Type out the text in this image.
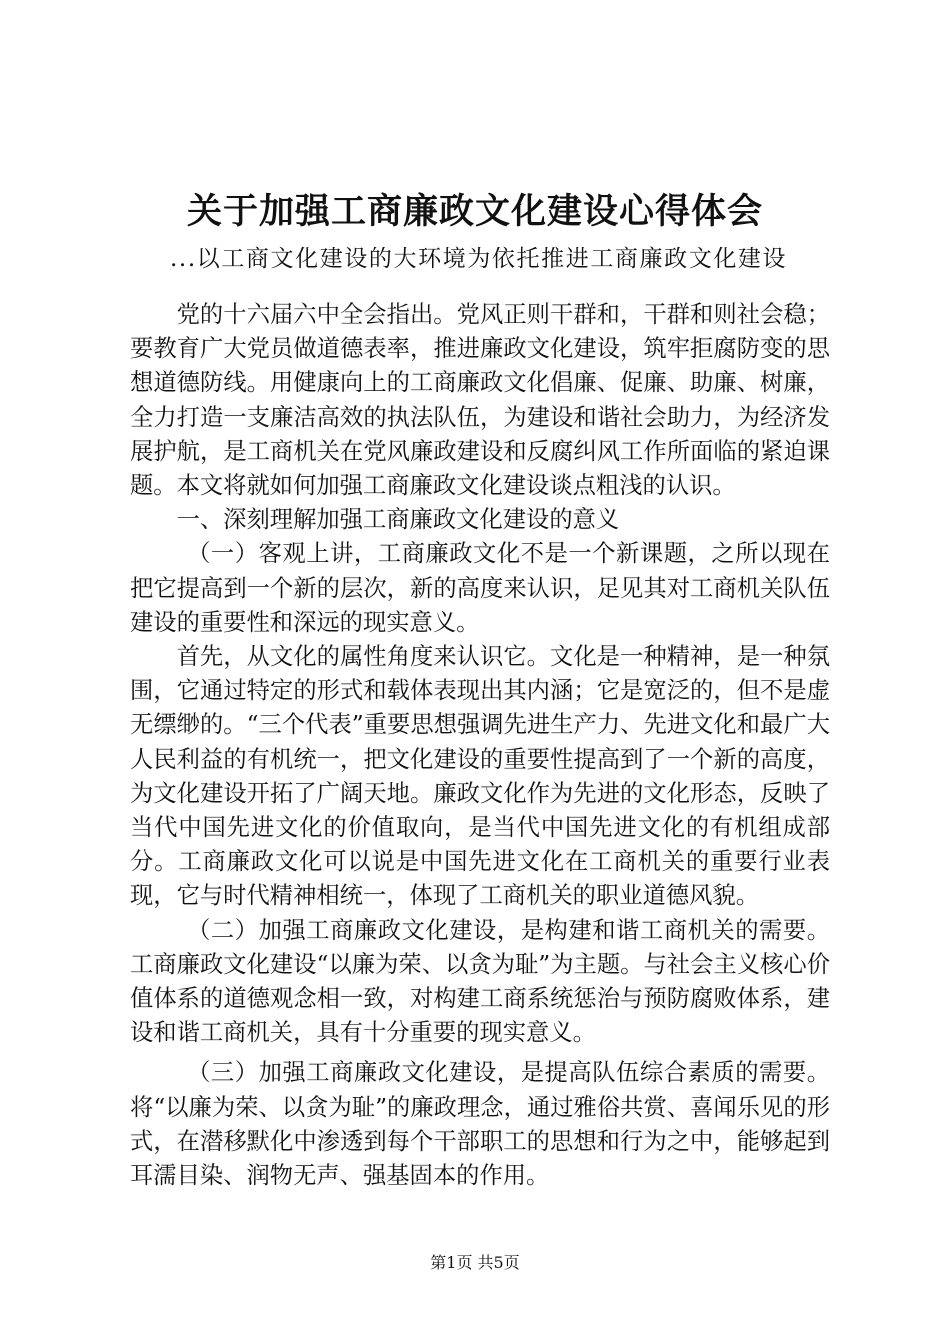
关于加强工商廉政文化建设心得体会
...以工商文化建设的大环境为依托推进工商廉政文化建设

党的十六届六中全会指出。党风正则干群和，干群和则社会稳；要教育广大党员做道德表率，推进廉政文化建设，筑牢拒腐防变的思想道德防线。用健康向上的工商廉政文化倡廉、促廉、助廉、树廉，全力打造一支廉洁高效的执法队伍，为建设和谐社会助力，为经济发展护航，是工商机关在党风廉政建设和反腐纠风工作所面临的紧迫课题。本文将就如何加强工商廉政文化建设谈点粗浅的认识。

一、深刻理解加强工商廉政文化建设的意义

（一）客观上讲，工商廉政文化不是一个新课题，之所以现在把它提高到一个新的层次，新的高度来认识，足见其对工商机关队伍建设的重要性和深远的现实意义。

首先，从文化的属性角度来认识它。文化是一种精神，是一种氛围，它通过特定的形式和载体表现出其内涵；它是宽泛的，但不是虚无缥缈的。“三个代表”重要思想强调先进生产力、先进文化和最广大人民利益的有机统一，把文化建设的重要性提高到了一个新的高度，为文化建设开拓了广阔天地。廉政文化作为先进的文化形态，反映了当代中国先进文化的价值取向，是当代中国先进文化的有机组成部分。工商廉政文化可以说是中国先进文化在工商机关的重要行业表现，它与时代精神相统一，体现了工商机关的职业道德风貌。

（二）加强工商廉政文化建设，是构建和谐工商机关的需要。工商廉政文化建设“以廉为荣、以贪为耻”为主题。与社会主义核心价值体系的道德观念相一致，对构建工商系统惩治与预防腐败体系，建设和谐工商机关，具有十分重要的现实意义。

（三）加强工商廉政文化建设，是提高队伍综合素质的需要。将“以廉为荣、以贪为耻”的廉政理念，通过雅俗共赏、喜闻乐见的形式，在潜移默化中渗透到每个干部职工的思想和行为之中，能够起到耳濡目染、润物无声、强基固本的作用。

第1页 共5页
